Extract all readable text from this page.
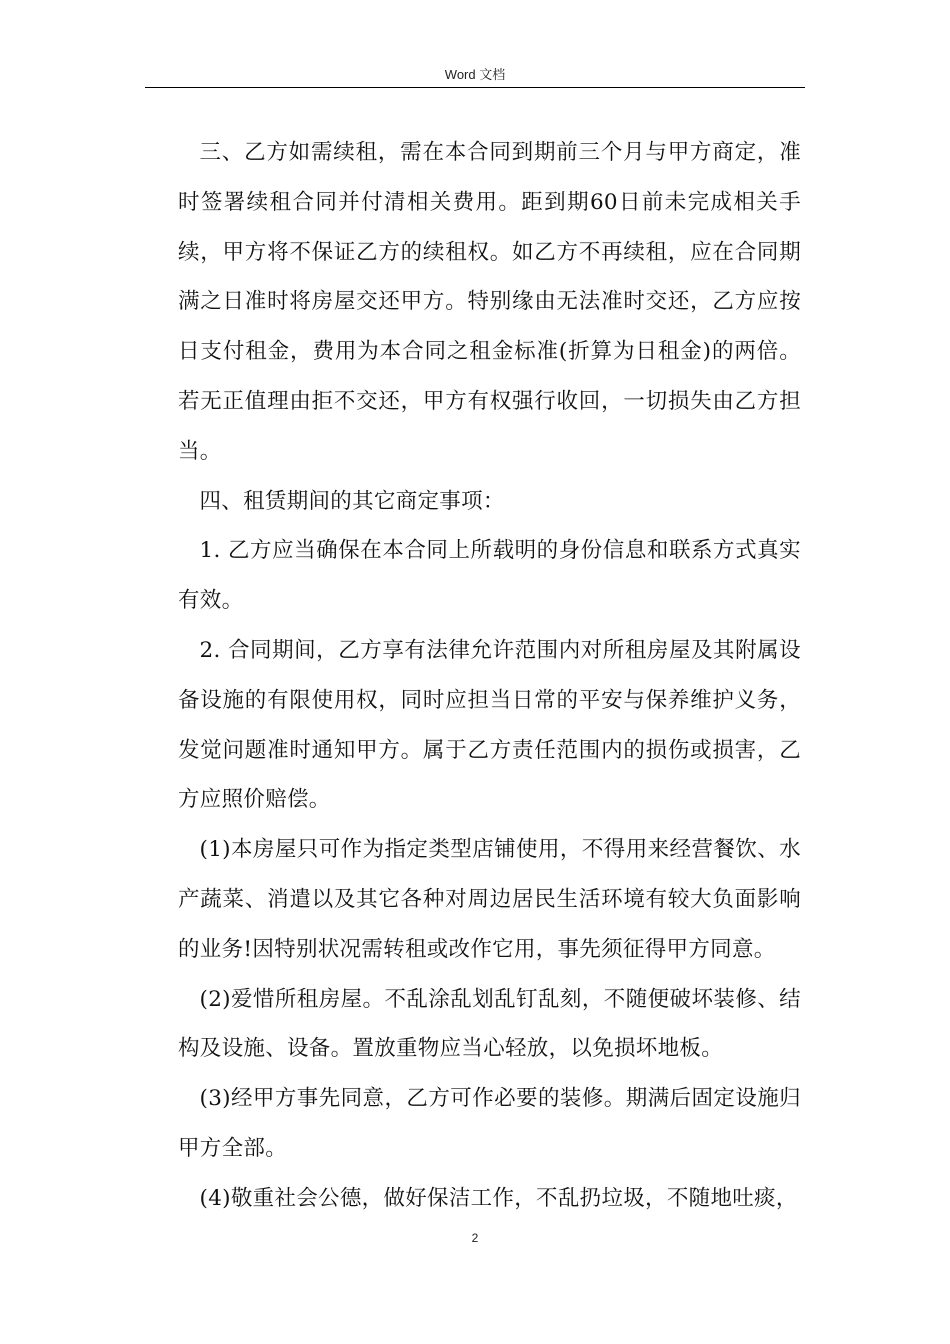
Word 文档
三、乙方如需续租，需在本合同到期前三个月与甲方商定，准
时签署续租合同并付清相关费用。距到期60日前未完成相关手
续，甲方将不保证乙方的续租权。如乙方不再续租，应在合同期
满之日准时将房屋交还甲方。特别缘由无法准时交还，乙方应按
日支付租金，费用为本合同之租金标准(折算为日租金)的两倍。
若无正值理由拒不交还，甲方有权强行收回，一切损失由乙方担
当。
四、租赁期间的其它商定事项：
1. 乙方应当确保在本合同上所载明的身份信息和联系方式真实
有效。
2. 合同期间，乙方享有法律允许范围内对所租房屋及其附属设
备设施的有限使用权，同时应担当日常的平安与保养维护义务，
发觉问题准时通知甲方。属于乙方责任范围内的损伤或损害，乙
方应照价赔偿。
(1)本房屋只可作为指定类型店铺使用，不得用来经营餐饮、水
产蔬菜、消遣以及其它各种对周边居民生活环境有较大负面影响
的业务!因特别状况需转租或改作它用，事先须征得甲方同意。
(2)爱惜所租房屋。不乱涂乱划乱钉乱刻，不随便破坏装修、结
构及设施、设备。置放重物应当心轻放，以免损坏地板。
(3)经甲方事先同意，乙方可作必要的装修。期满后固定设施归
甲方全部。
(4)敬重社会公德，做好保洁工作，不乱扔垃圾，不随地吐痰，
2
